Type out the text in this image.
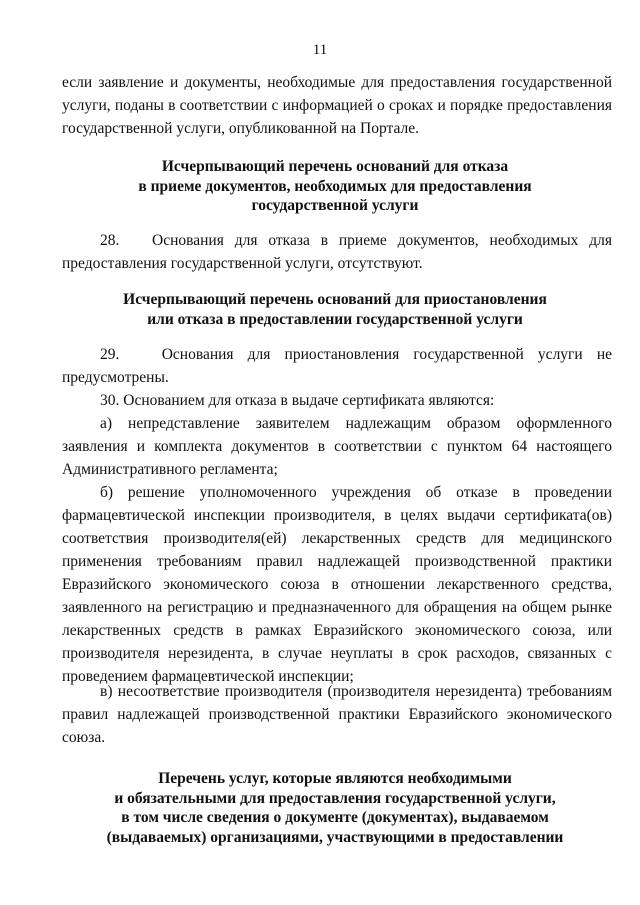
11

если заявление и документы, необходимые для предоставления государственной услуги, поданы в соответствии с информацией о сроках и порядке предоставления государственной услуги, опубликованной на Портале.

Исчерпывающий перечень оснований для отказа
в приеме документов, необходимых для предоставления
государственной услуги

28.   Основания для отказа в приеме документов, необходимых для предоставления государственной услуги, отсутствуют.

Исчерпывающий перечень оснований для приостановления
или отказа в предоставлении государственной услуги

29.   Основания для приостановления государственной услуги не предусмотрены.

30. Основанием для отказа в выдаче сертификата являются:

а) непредставление заявителем надлежащим образом оформленного заявления и комплекта документов в соответствии с пунктом 64 настоящего Административного регламента;

б) решение уполномоченного учреждения об отказе в проведении фармацевтической инспекции производителя, в целях выдачи сертификата(ов) соответствия производителя(ей) лекарственных средств для медицинского применения требованиям правил надлежащей производственной практики Евразийского экономического союза в отношении лекарственного средства, заявленного на регистрацию и предназначенного для обращения на общем рынке лекарственных средств в рамках Евразийского экономического союза, или производителя нерезидента, в случае неуплаты в срок расходов, связанных с проведением фармацевтической инспекции;

в) несоответствие производителя (производителя нерезидента) требованиям правил надлежащей производственной практики Евразийского экономического союза.

Перечень услуг, которые являются необходимыми
и обязательными для предоставления государственной услуги,
в том числе сведения о документе (документах), выдаваемом
(выдаваемых) организациями, участвующими в предоставлении
